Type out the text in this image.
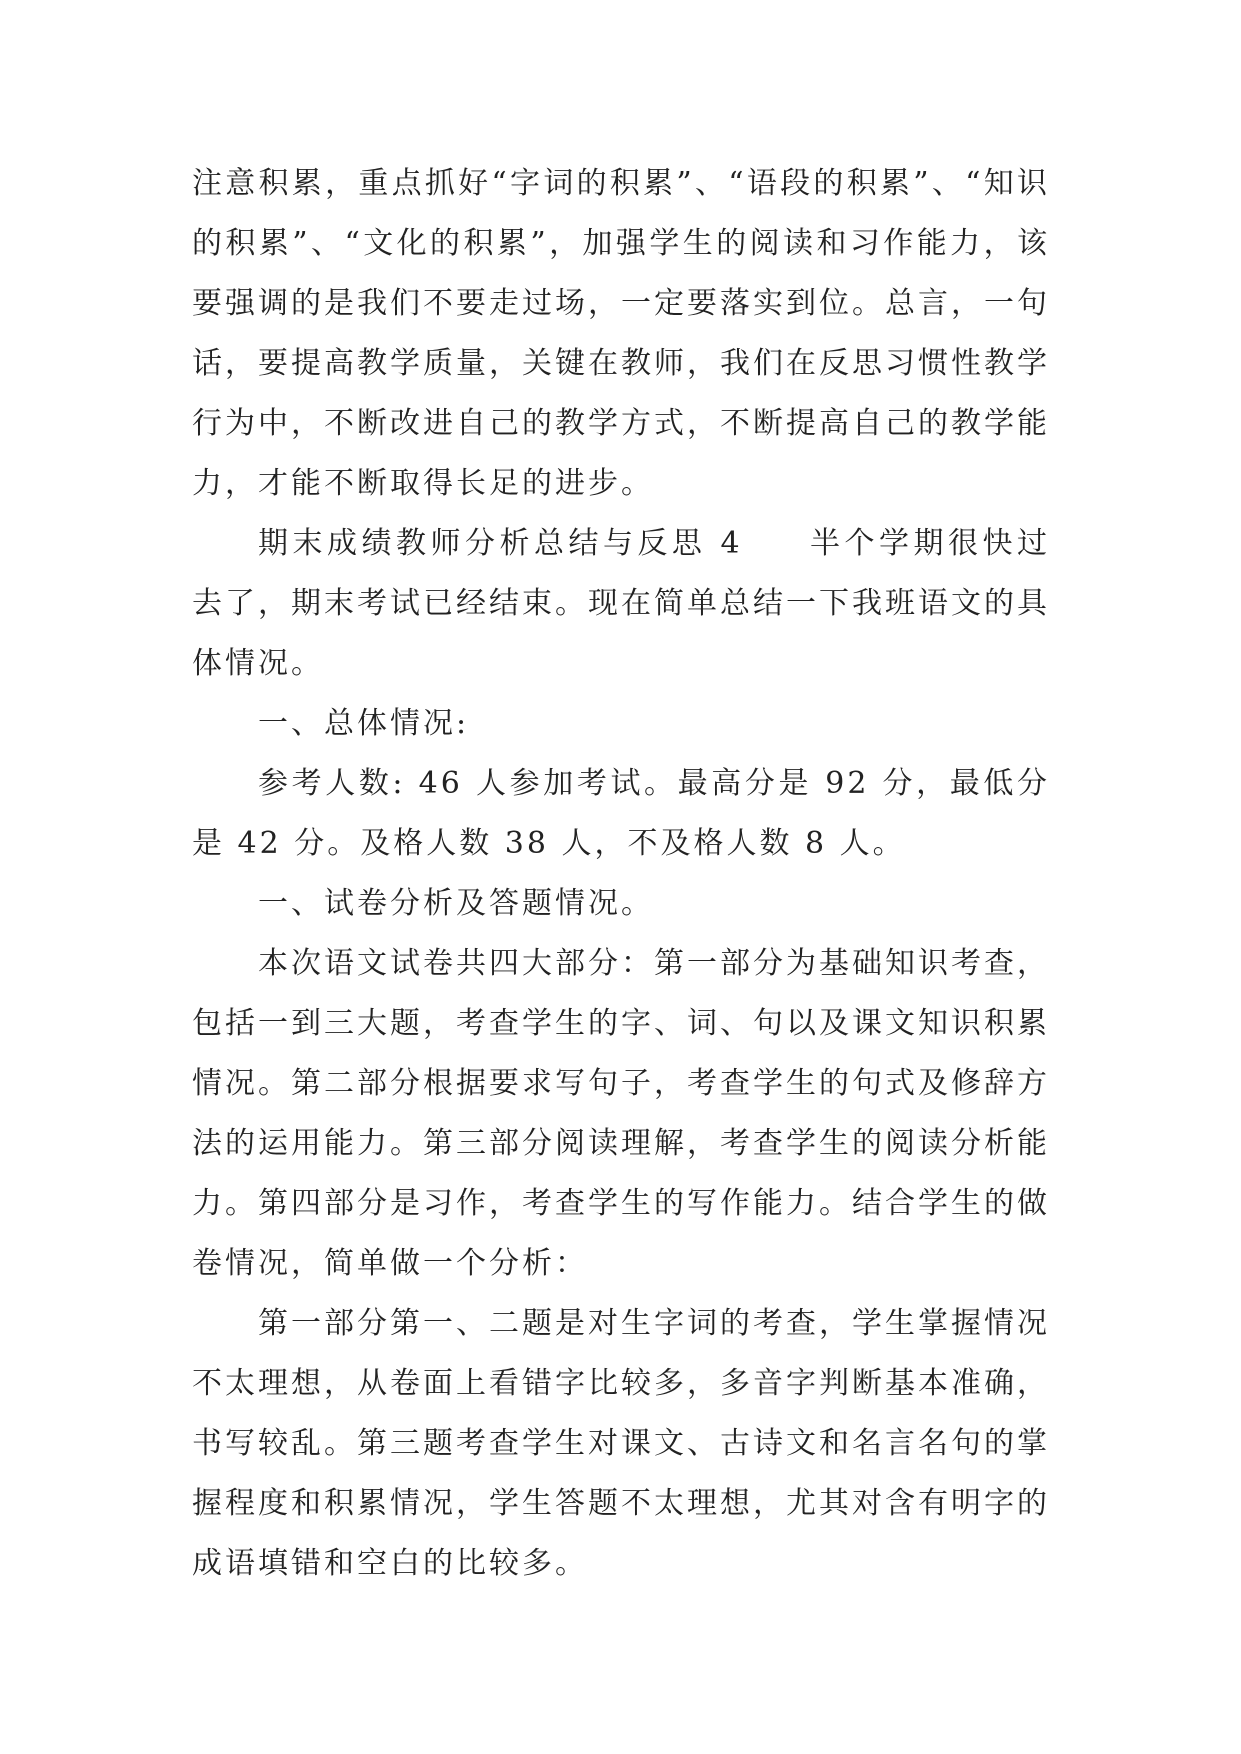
注意积累，重点抓好“字词的积累”、“语段的积累”、“知识的积累”、“文化的积累”，加强学生的阅读和习作能力，该要强调的是我们不要走过场，一定要落实到位。总言，一句话，要提高教学质量，关键在教师，我们在反思习惯性教学行为中，不断改进自己的教学方式，不断提高自己的教学能力，才能不断取得长足的进步。

期末成绩教师分析总结与反思 4 半个学期很快过去了，期末考试已经结束。现在简单总结一下我班语文的具体情况。

一、总体情况:

参考人数: 46 人参加考试。最高分是 92 分，最低分是 42 分。及格人数 38 人，不及格人数 8 人。

一、试卷分析及答题情况。

本次语文试卷共四大部分：第一部分为基础知识考查，包括一到三大题，考查学生的字、词、句以及课文知识积累情况。第二部分根据要求写句子，考查学生的句式及修辞方法的运用能力。第三部分阅读理解，考查学生的阅读分析能力。第四部分是习作，考查学生的写作能力。结合学生的做卷情况，简单做一个分析：

第一部分第一、二题是对生字词的考查，学生掌握情况不太理想，从卷面上看错字比较多，多音字判断基本准确，书写较乱。第三题考查学生对课文、古诗文和名言名句的掌握程度和积累情况，学生答题不太理想，尤其对含有明字的成语填错和空白的比较多。
